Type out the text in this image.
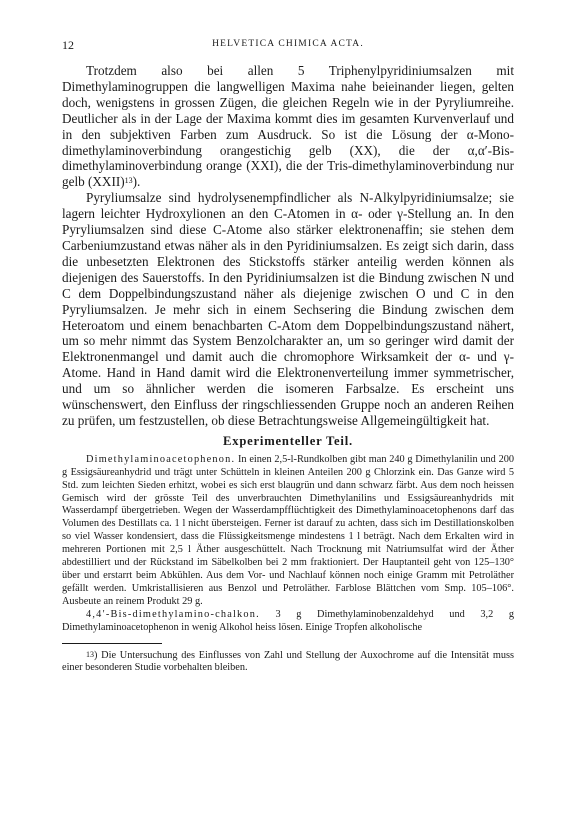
12	HELVETICA CHIMICA ACTA.

Trotzdem also bei allen 5 Triphenylpyridiniumsalzen mit Dimethylaminogruppen die langwelligen Maxima nahe beieinander liegen, gelten doch, wenigstens in grossen Zügen, die gleichen Regeln wie in der Pyryliumreihe. Deutlicher als in der Lage der Maxima kommt dies im gesamten Kurvenverlauf und in den subjektiven Farben zum Ausdruck. So ist die Lösung der α-Mono-dimethylaminoverbindung orangestichig gelb (XX), die der α,α′-Bis-dimethylaminoverbindung orange (XXI), die der Tris-dimethylaminoverbindung nur gelb (XXII)$^{13}$).

Pyryliumsalze sind hydrolysenempfindlicher als N-Alkylpyridiniumsalze; sie lagern leichter Hydroxylionen an den C-Atomen in α- oder γ-Stellung an. In den Pyryliumsalzen sind diese C-Atome also stärker elektronenaffin; sie stehen dem Carbeniumzustand etwas näher als in den Pyridiniumsalzen. Es zeigt sich darin, dass die unbesetzten Elektronen des Stickstoffs stärker anteilig werden können als diejenigen des Sauerstoffs. In den Pyridiniumsalzen ist die Bindung zwischen N und C dem Doppelbindungszustand näher als diejenige zwischen O und C in den Pyryliumsalzen. Je mehr sich in einem Sechsering die Bindung zwischen dem Heteroatom und einem benachbarten C-Atom dem Doppelbindungszustand nähert, um so mehr nimmt das System Benzolcharakter an, um so geringer wird damit der Elektronenmangel und damit auch die chromophore Wirksamkeit der α- und γ-Atome. Hand in Hand damit wird die Elektronenverteilung immer symmetrischer, und um so ähnlicher werden die isomeren Farbsalze. Es erscheint uns wünschenswert, den Einfluss der ringschliessenden Gruppe noch an anderen Reihen zu prüfen, um festzustellen, ob diese Betrachtungsweise Allgemeingültigkeit hat.

Experimenteller Teil.

Dimethylaminoacetophenon. In einen 2,5-l-Rundkolben gibt man 240 g Dimethylanilin und 200 g Essigsäureanhydrid und trägt unter Schütteln in kleinen Anteilen 200 g Chlorzink ein. Das Ganze wird 5 Std. zum leichten Sieden erhitzt, wobei es sich erst blaugrün und dann schwarz färbt. Aus dem noch heissen Gemisch wird der grösste Teil des unverbrauchten Dimethylanilins und Essigsäureanhydrids mit Wasserdampf übergetrieben. Wegen der Wasserdampfflüchtigkeit des Dimethylaminoacetophenons darf das Volumen des Destillats ca. 1 l nicht übersteigen. Ferner ist darauf zu achten, dass sich im Destillationskolben so viel Wasser kondensiert, dass die Flüssigkeitsmenge mindestens 1 l beträgt. Nach dem Erkalten wird in mehreren Portionen mit 2,5 l Äther ausgeschüttelt. Nach Trocknung mit Natriumsulfat wird der Äther abdestilliert und der Rückstand im Säbelkolben bei 2 mm fraktioniert. Der Hauptanteil geht von 125–130° über und erstarrt beim Abkühlen. Aus dem Vor- und Nachlauf können noch einige Gramm mit Petroläther gefällt werden. Umkristallisieren aus Benzol und Petroläther. Farblose Blättchen vom Smp. 105–106°. Ausbeute an reinem Produkt 29 g.

4,4′-Bis-dimethylamino-chalkon. 3 g Dimethylaminobenzaldehyd und 3,2 g Dimethylaminoacetophenon in wenig Alkohol heiss lösen. Einige Tropfen alkoholische

$^{13}$) Die Untersuchung des Einflusses von Zahl und Stellung der Auxochrome auf die Intensität muss einer besonderen Studie vorbehalten bleiben.
